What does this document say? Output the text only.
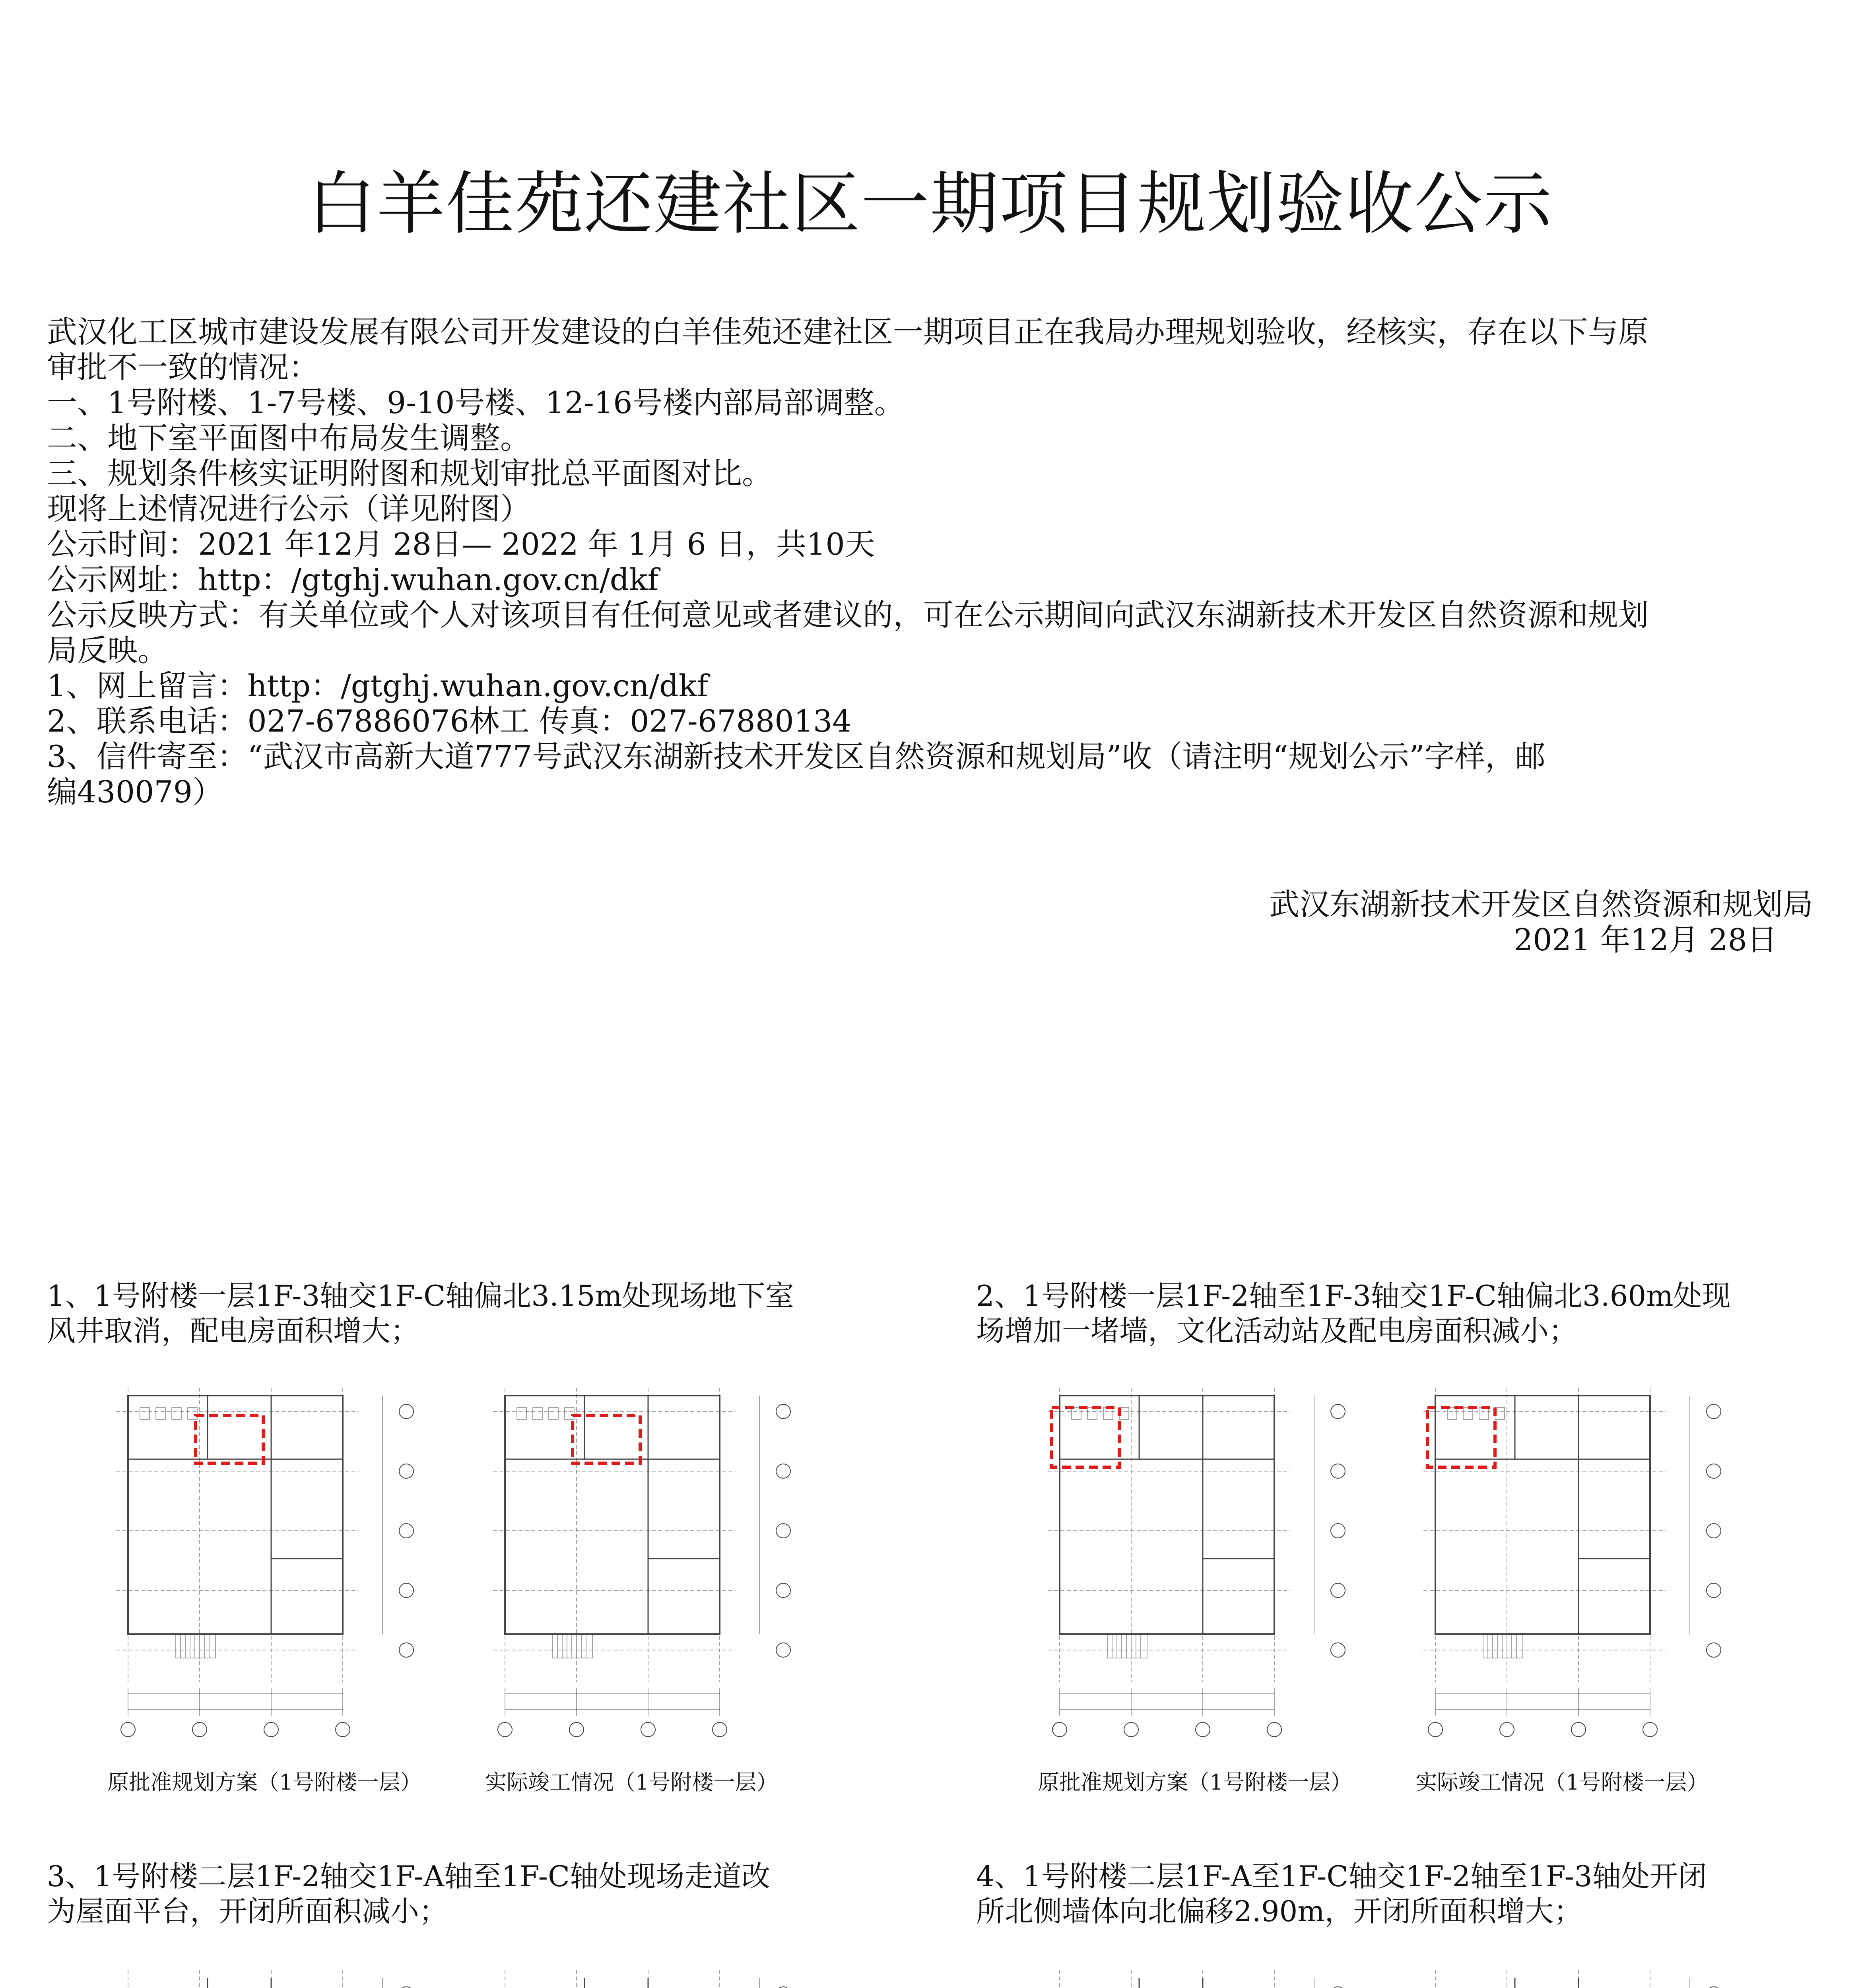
白羊佳苑还建社区一期项目规划验收公示
武汉化工区城市建设发展有限公司开发建设的白羊佳苑还建社区一期项目正在我局办理规划验收，经核实，存在以下与原
审批不一致的情况：
一、1号附楼、1-7号楼、9-10号楼、12-16号楼内部局部调整。
二、地下室平面图中布局发生调整。
三、规划条件核实证明附图和规划审批总平面图对比。
现将上述情况进行公示（详见附图）
公示时间：2021 年12月 28日— 2022 年 1月 6 日，共10天
公示网址：http：/gtghj.wuhan.gov.cn/dkf
公示反映方式：有关单位或个人对该项目有任何意见或者建议的，可在公示期间向武汉东湖新技术开发区自然资源和规划
局反映。
1、网上留言：http：/gtghj.wuhan.gov.cn/dkf
2、联系电话：027-67886076林工 传真：027-67880134
3、信件寄至：“武汉市高新大道777号武汉东湖新技术开发区自然资源和规划局”收（请注明“规划公示”字样，邮
编430079）
武汉东湖新技术开发区自然资源和规划局
2021 年12月 28日
1、1号附楼一层1F-3轴交1F-C轴偏北3.15m处现场地下室
风井取消，配电房面积增大；
2、1号附楼一层1F-2轴至1F-3轴交1F-C轴偏北3.60m处现
场增加一堵墙，文化活动站及配电房面积减小；
3、1号附楼二层1F-2轴交1F-A轴至1F-C轴处现场走道改
为屋面平台，开闭所面积减小；
4、1号附楼二层1F-A至1F-C轴交1F-2轴至1F-3轴处开闭
所北侧墙体向北偏移2.90m，开闭所面积增大；
原批准规划方案（1号附楼一层）	实际竣工情况（1号附楼一层）	原批准规划方案（1号附楼一层）	实际竣工情况（1号附楼一层）
